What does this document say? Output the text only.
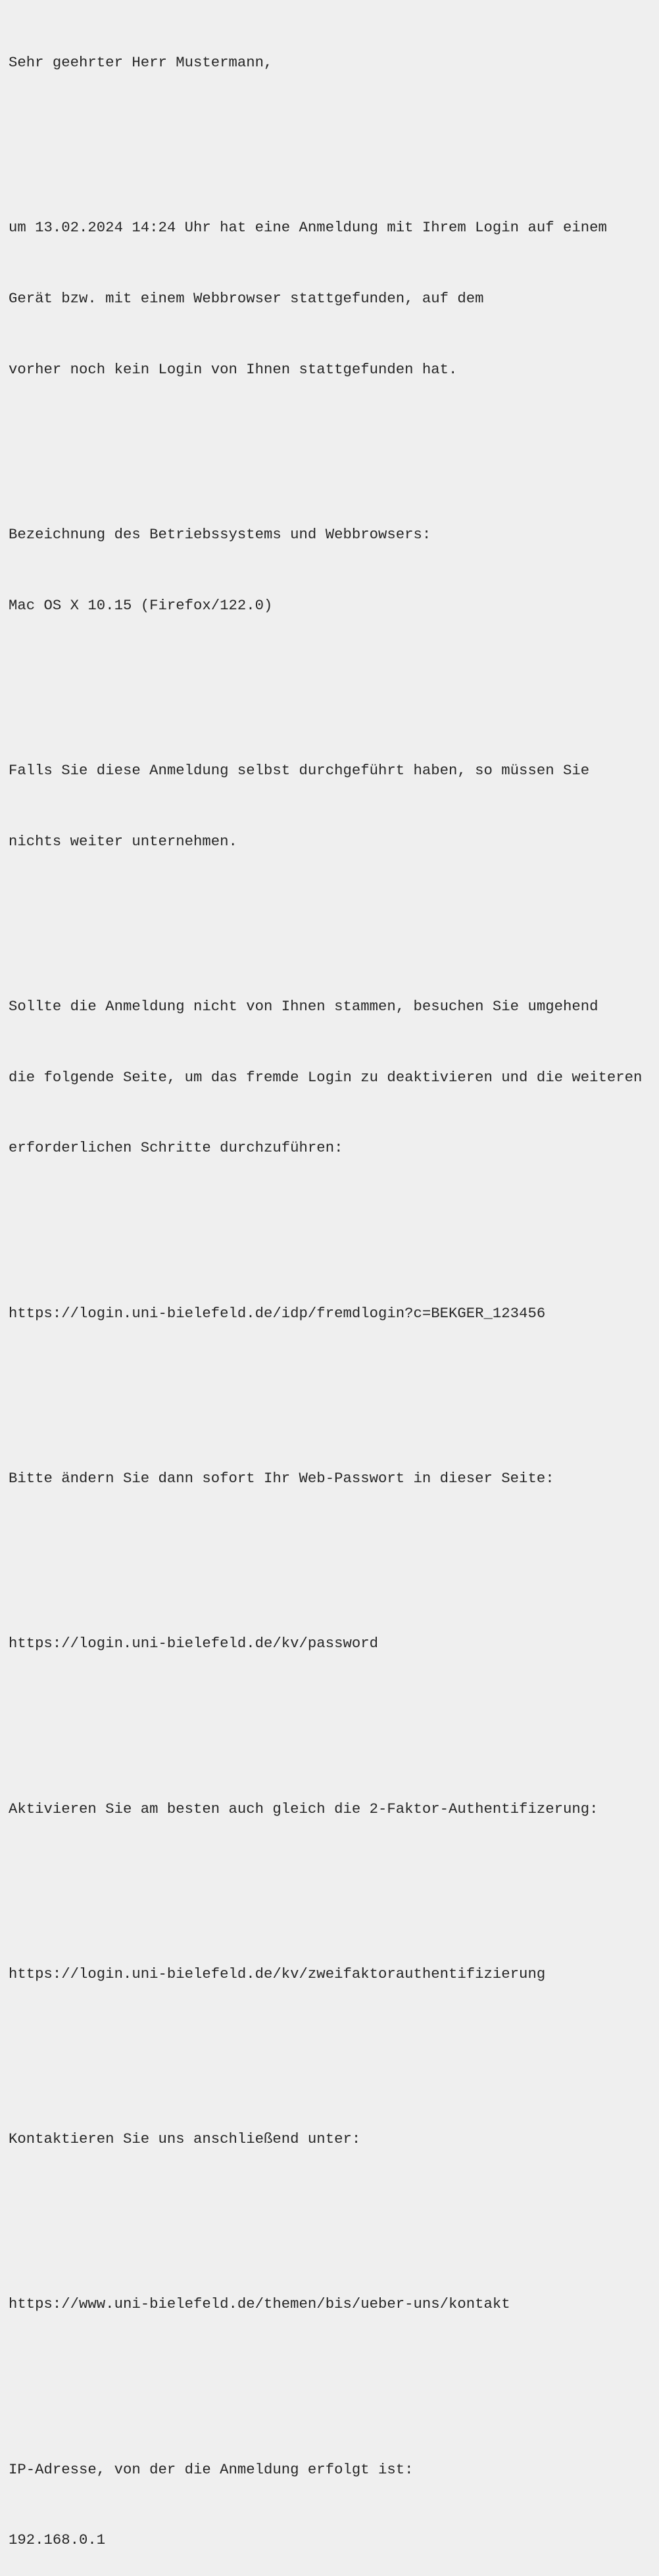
Sehr geehrter Herr Mustermann,

um 13.02.2024 14:24 Uhr hat eine Anmeldung mit Ihrem Login auf einem

Gerät bzw. mit einem Webbrowser stattgefunden, auf dem

vorher noch kein Login von Ihnen stattgefunden hat.

Bezeichnung des Betriebssystems und Webbrowsers:

Mac OS X 10.15 (Firefox/122.0)

Falls Sie diese Anmeldung selbst durchgeführt haben, so müssen Sie

nichts weiter unternehmen.

Sollte die Anmeldung nicht von Ihnen stammen, besuchen Sie umgehend

die folgende Seite, um das fremde Login zu deaktivieren und die weiteren

erforderlichen Schritte durchzuführen:

https://login.uni-bielefeld.de/idp/fremdlogin?c=BEKGER_123456

Bitte ändern Sie dann sofort Ihr Web-Passwort in dieser Seite:

https://login.uni-bielefeld.de/kv/password

Aktivieren Sie am besten auch gleich die 2-Faktor-Authentifizerung:

https://login.uni-bielefeld.de/kv/zweifaktorauthentifizierung

Kontaktieren Sie uns anschließend unter:

https://www.uni-bielefeld.de/themen/bis/ueber-uns/kontakt

IP-Adresse, von der die Anmeldung erfolgt ist:

192.168.0.1
